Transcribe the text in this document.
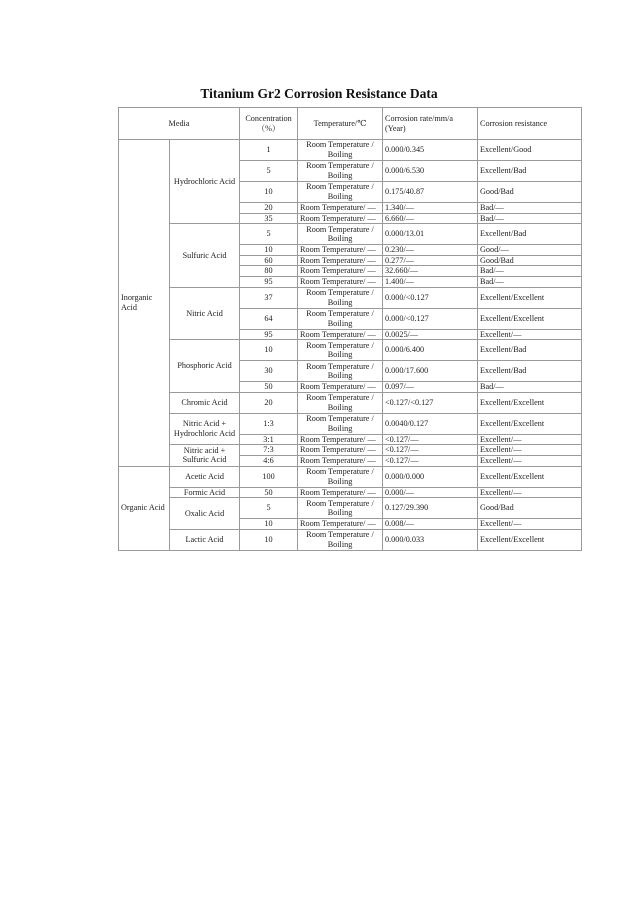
Titanium Gr2 Corrosion Resistance Data
Media		Concentration （%）	Temperature/℃	Corrosion rate/mm/a (Year)	Corrosion resistance
Inorganic Acid	Hydrochloric Acid	1	Room Temperature / Boiling	0.000/0.345	Excellent/Good
		5	Room Temperature / Boiling	0.000/6.530	Excellent/Bad
		10	Room Temperature / Boiling	0.175/40.87	Good/Bad
		20	Room Temperature/ —	1.340/—	Bad/—
		35	Room Temperature/ —	6.660/—	Bad/—
	Sulfuric Acid	5	Room Temperature / Boiling	0.000/13.01	Excellent/Bad
		10	Room Temperature/ —	0.230/—	Good/—
		60	Room Temperature/ —	0.277/—	Good/Bad
		80	Room Temperature/ —	32.660/—	Bad/—
		95	Room Temperature/ —	1.400/—	Bad/—
	Nitric Acid	37	Room Temperature / Boiling	0.000/<0.127	Excellent/Excellent
		64	Room Temperature / Boiling	0.000/<0.127	Excellent/Excellent
		95	Room Temperature/ —	0.0025/—	Excellent/—
	Phosphoric Acid	10	Room Temperature / Boiling	0.000/6.400	Excellent/Bad
		30	Room Temperature / Boiling	0.000/17.600	Excellent/Bad
		50	Room Temperature/ —	0.097/—	Bad/—
	Chromic Acid	20	Room Temperature / Boiling	<0.127/<0.127	Excellent/Excellent
	Nitric Acid + Hydrochloric Acid	1:3	Room Temperature / Boiling	0.0040/0.127	Excellent/Excellent
		3:1	Room Temperature/ —	<0.127/—	Excellent/—
	Nitric acid + Sulfuric Acid	7:3	Room Temperature/ —	<0.127/—	Excellent/—
		4:6	Room Temperature/ —	<0.127/—	Excellent/—
Organic Acid	Acetic Acid	100	Room Temperature / Boiling	0.000/0.000	Excellent/Excellent
	Formic Acid	50	Room Temperature/ —	0.000/—	Excellent/—
	Oxalic Acid	5	Room Temperature / Boiling	0.127/29.390	Good/Bad
		10	Room Temperature/ —	0.008/—	Excellent/—
	Lactic Acid	10	Room Temperature / Boiling	0.000/0.033	Excellent/Excellent
